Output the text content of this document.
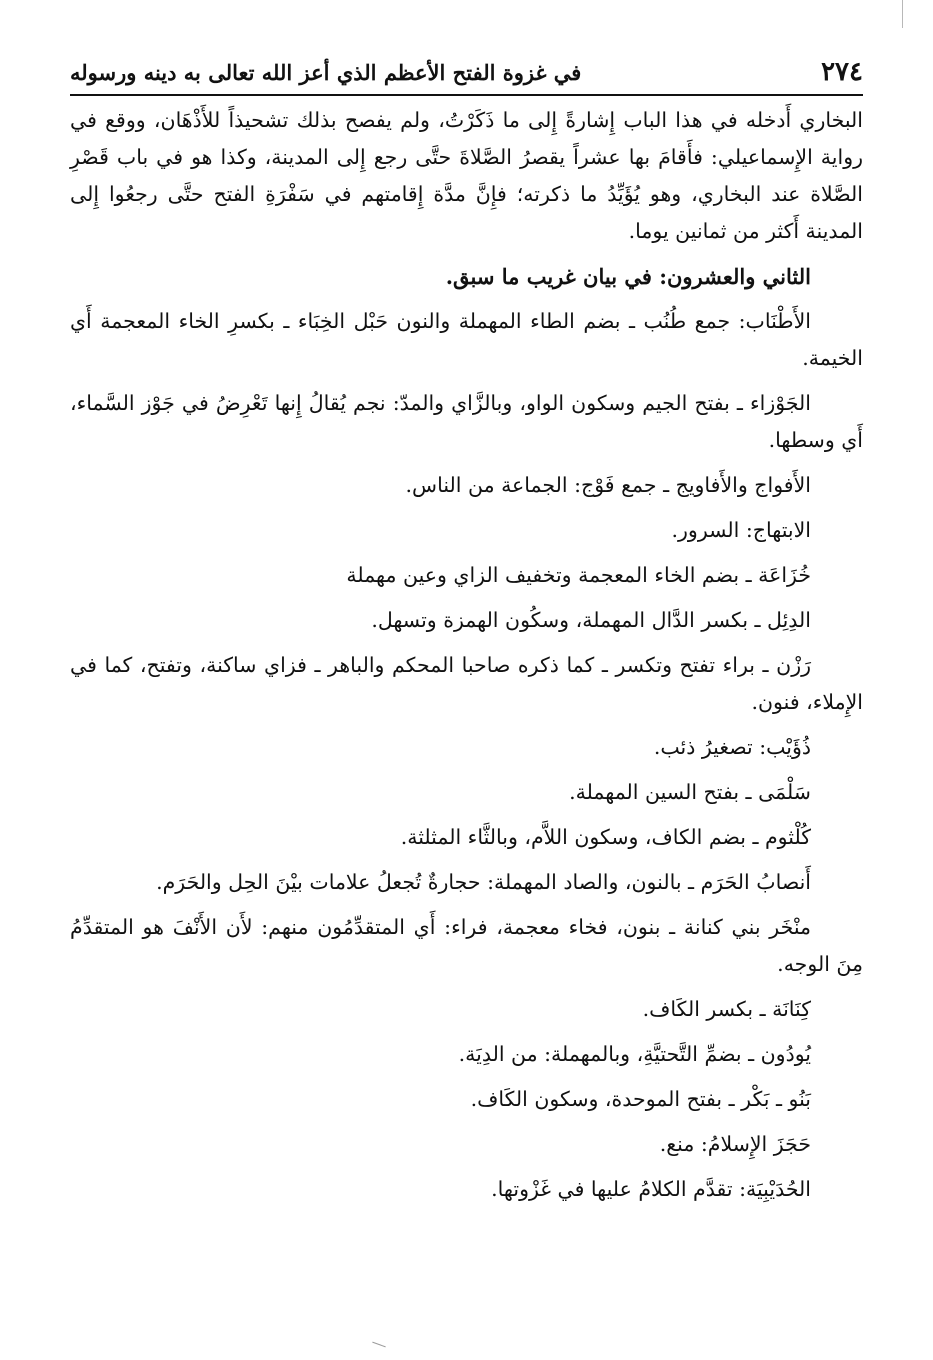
٢٧٤
في غزوة الفتح الأعظم الذي أعز الله تعالى به دينه ورسوله

البخاري أَدخله في هذا الباب إِشارةً إِلى ما ذَكَرْتُ، ولم يفصح بذلك تشحيذاً للأَذْهَان، ووقع في رواية الإِسماعيلي: فأَقامَ بها عشراً يقصرُ الصَّلاةَ حتَّى رجع إِلى المدينة، وكذا هو في باب قَصْرِ الصَّلاة عند البخاري، وهو يُؤَيِّدُ ما ذكرته؛ فإِنَّ مدَّة إِقامتهم في سَفْرَةِ الفتح حتَّى رجعُوا إِلى المدينة أَكثر من ثمانين يوما.

الثاني والعشرون: في بيان غريب ما سبق.

الأَطْنَاب: جمع طُنُب ـ بضم الطاء المهملة والنون حَبْل الخِبَاء ـ بكسرِ الخاء المعجمة أَي الخيمة.

الجَوْزاء ـ بفتح الجيم وسكون الواو، وبالزَّاي والمدّ: نجم يُقالُ إِنها تَعْرِضُ في جَوْز السَّماء، أَي وسطها.

الأَفواج والأَفاويج ـ جمع فَوْج: الجماعة من الناس.

الابتهاج: السرور.

خُزَاعَة ـ بضم الخاء المعجمة وتخفيف الزاي وعين مهملة

الدِئِل ـ بكسر الدَّال المهملة، وسكُون الهمزة وتسهل.

رَزْن ـ براء تفتح وتكسر ـ كما ذكره صاحبا المحكم والباهر ـ فزاي ساكنة، وتفتح، كما في الإِملاء، فنون.

ذُؤَيْب: تصغيرُ ذئب.

سَلْمَى ـ بفتح السين المهملة.

كُلْثوم ـ بضم الكاف، وسكون اللاَّم، وبالثَّاء المثلثة.

أَنصابُ الحَرَم ـ بالنون، والصاد المهملة: حجارةٌ تُجعلُ علامات بيْنَ الحِل والحَرَم.

منْخَر بني كنانة ـ بنون، فخاء معجمة، فراء: أَي المتقدِّمُون منهم: لأَن الأَنْفَ هو المتقدِّمُ مِنَ الوجه.

كِنَانَة ـ بكسر الكَاف.

يُودُون ـ بضمِّ التَّحتيَّةِ، وبالمهملة: من الدِيَة.

بَنُو ـ بَكْر ـ بفتح الموحدة، وسكون الكَاف.

حَجَزَ الإِسلامُ: منع.

الحُدَيْبِيَة: تقدَّم الكلامُ عليها في غَزْوتها.
